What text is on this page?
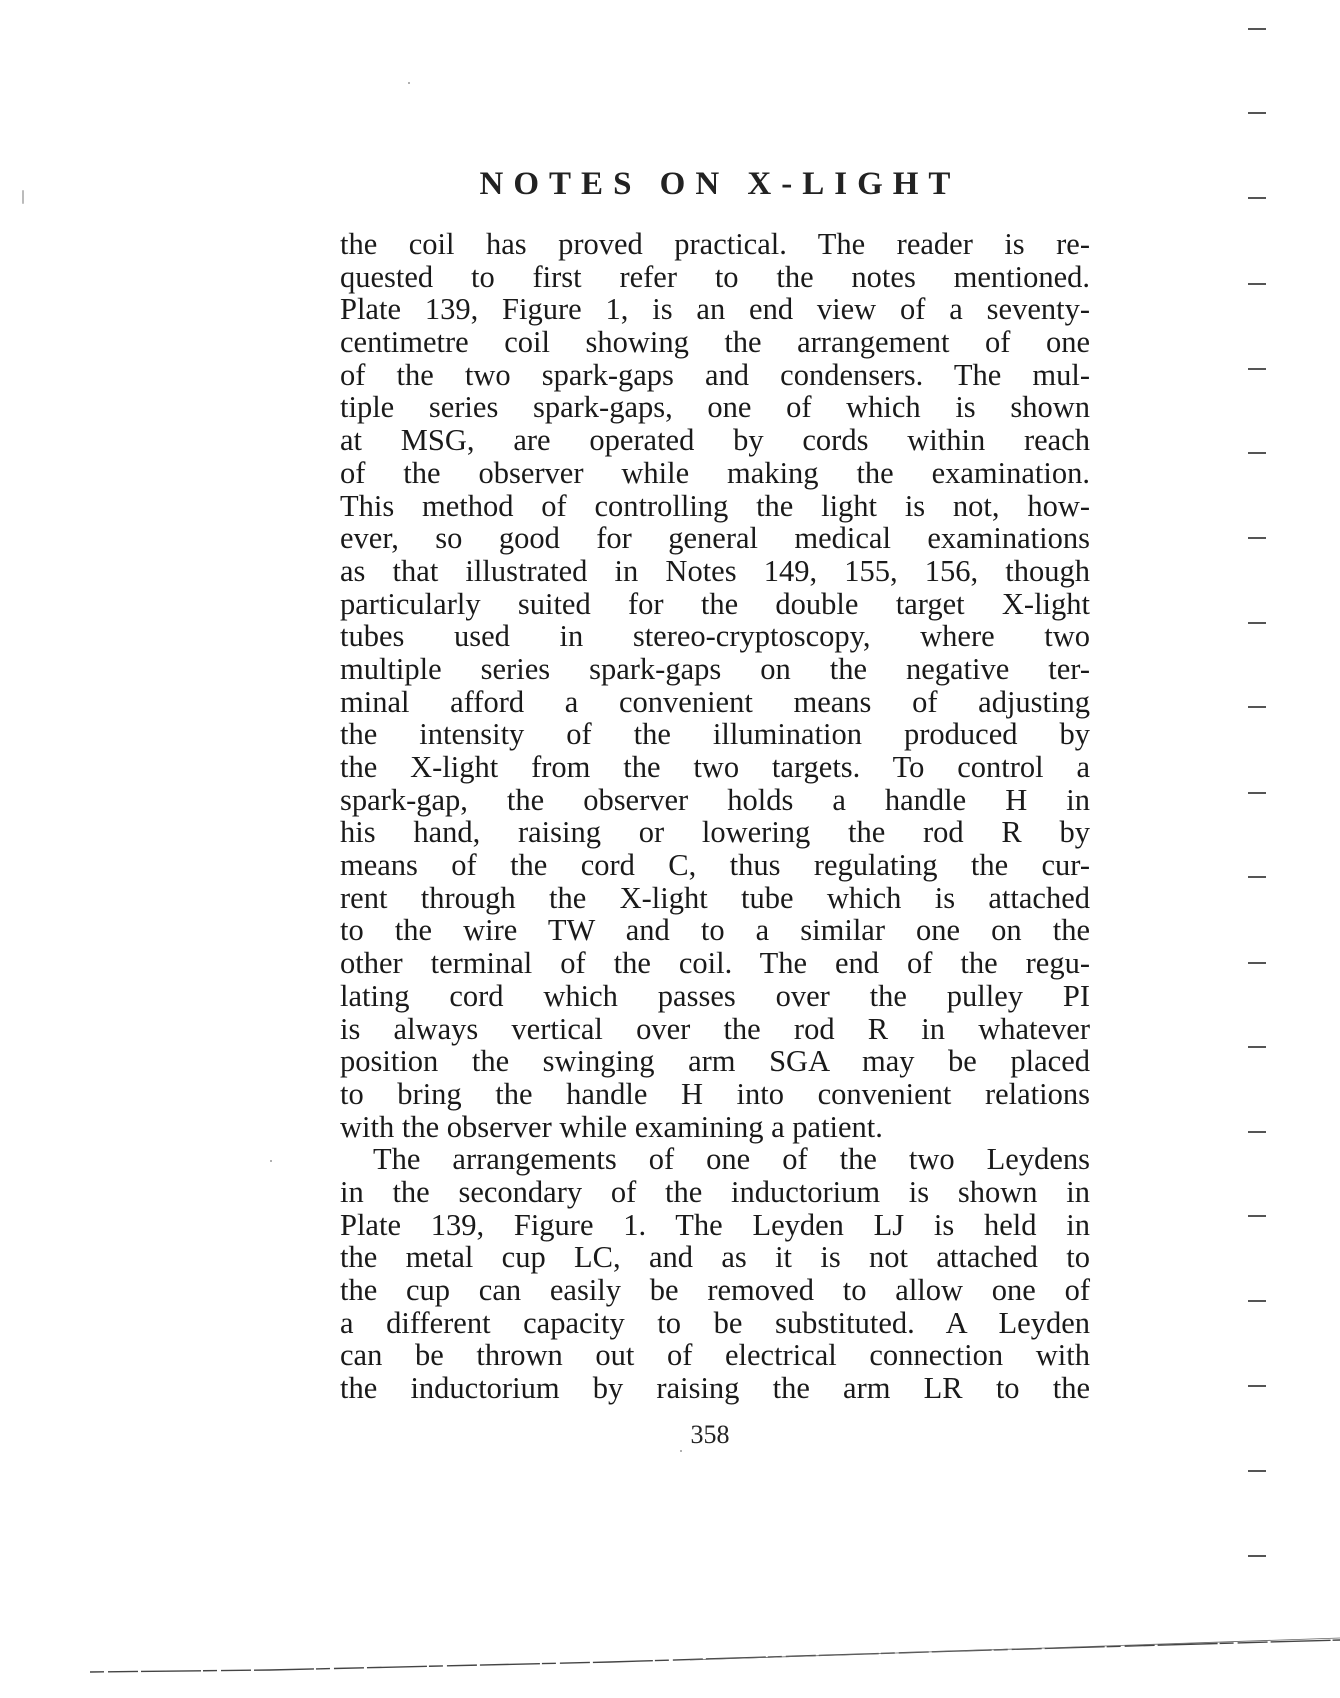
NOTES ON X-LIGHT
the coil has proved practical. The reader is re-
quested to first refer to the notes mentioned.
Plate 139, Figure 1, is an end view of a seventy-
centimetre coil showing the arrangement of one
of the two spark-gaps and condensers. The mul-
tiple series spark-gaps, one of which is shown
at MSG, are operated by cords within reach
of the observer while making the examination.
This method of controlling the light is not, how-
ever, so good for general medical examinations
as that illustrated in Notes 149, 155, 156, though
particularly suited for the double target X-light
tubes used in stereo-cryptoscopy, where two
multiple series spark-gaps on the negative ter-
minal afford a convenient means of adjusting
the intensity of the illumination produced by
the X-light from the two targets. To control a
spark-gap, the observer holds a handle H in
his hand, raising or lowering the rod R by
means of the cord C, thus regulating the cur-
rent through the X-light tube which is attached
to the wire TW and to a similar one on the
other terminal of the coil. The end of the regu-
lating cord which passes over the pulley PI
is always vertical over the rod R in whatever
position the swinging arm SGA may be placed
to bring the handle H into convenient relations
with the observer while examining a patient.
The arrangements of one of the two Leydens
in the secondary of the inductorium is shown in
Plate 139, Figure 1. The Leyden LJ is held in
the metal cup LC, and as it is not attached to
the cup can easily be removed to allow one of
a different capacity to be substituted. A Leyden
can be thrown out of electrical connection with
the inductorium by raising the arm LR to the
358
